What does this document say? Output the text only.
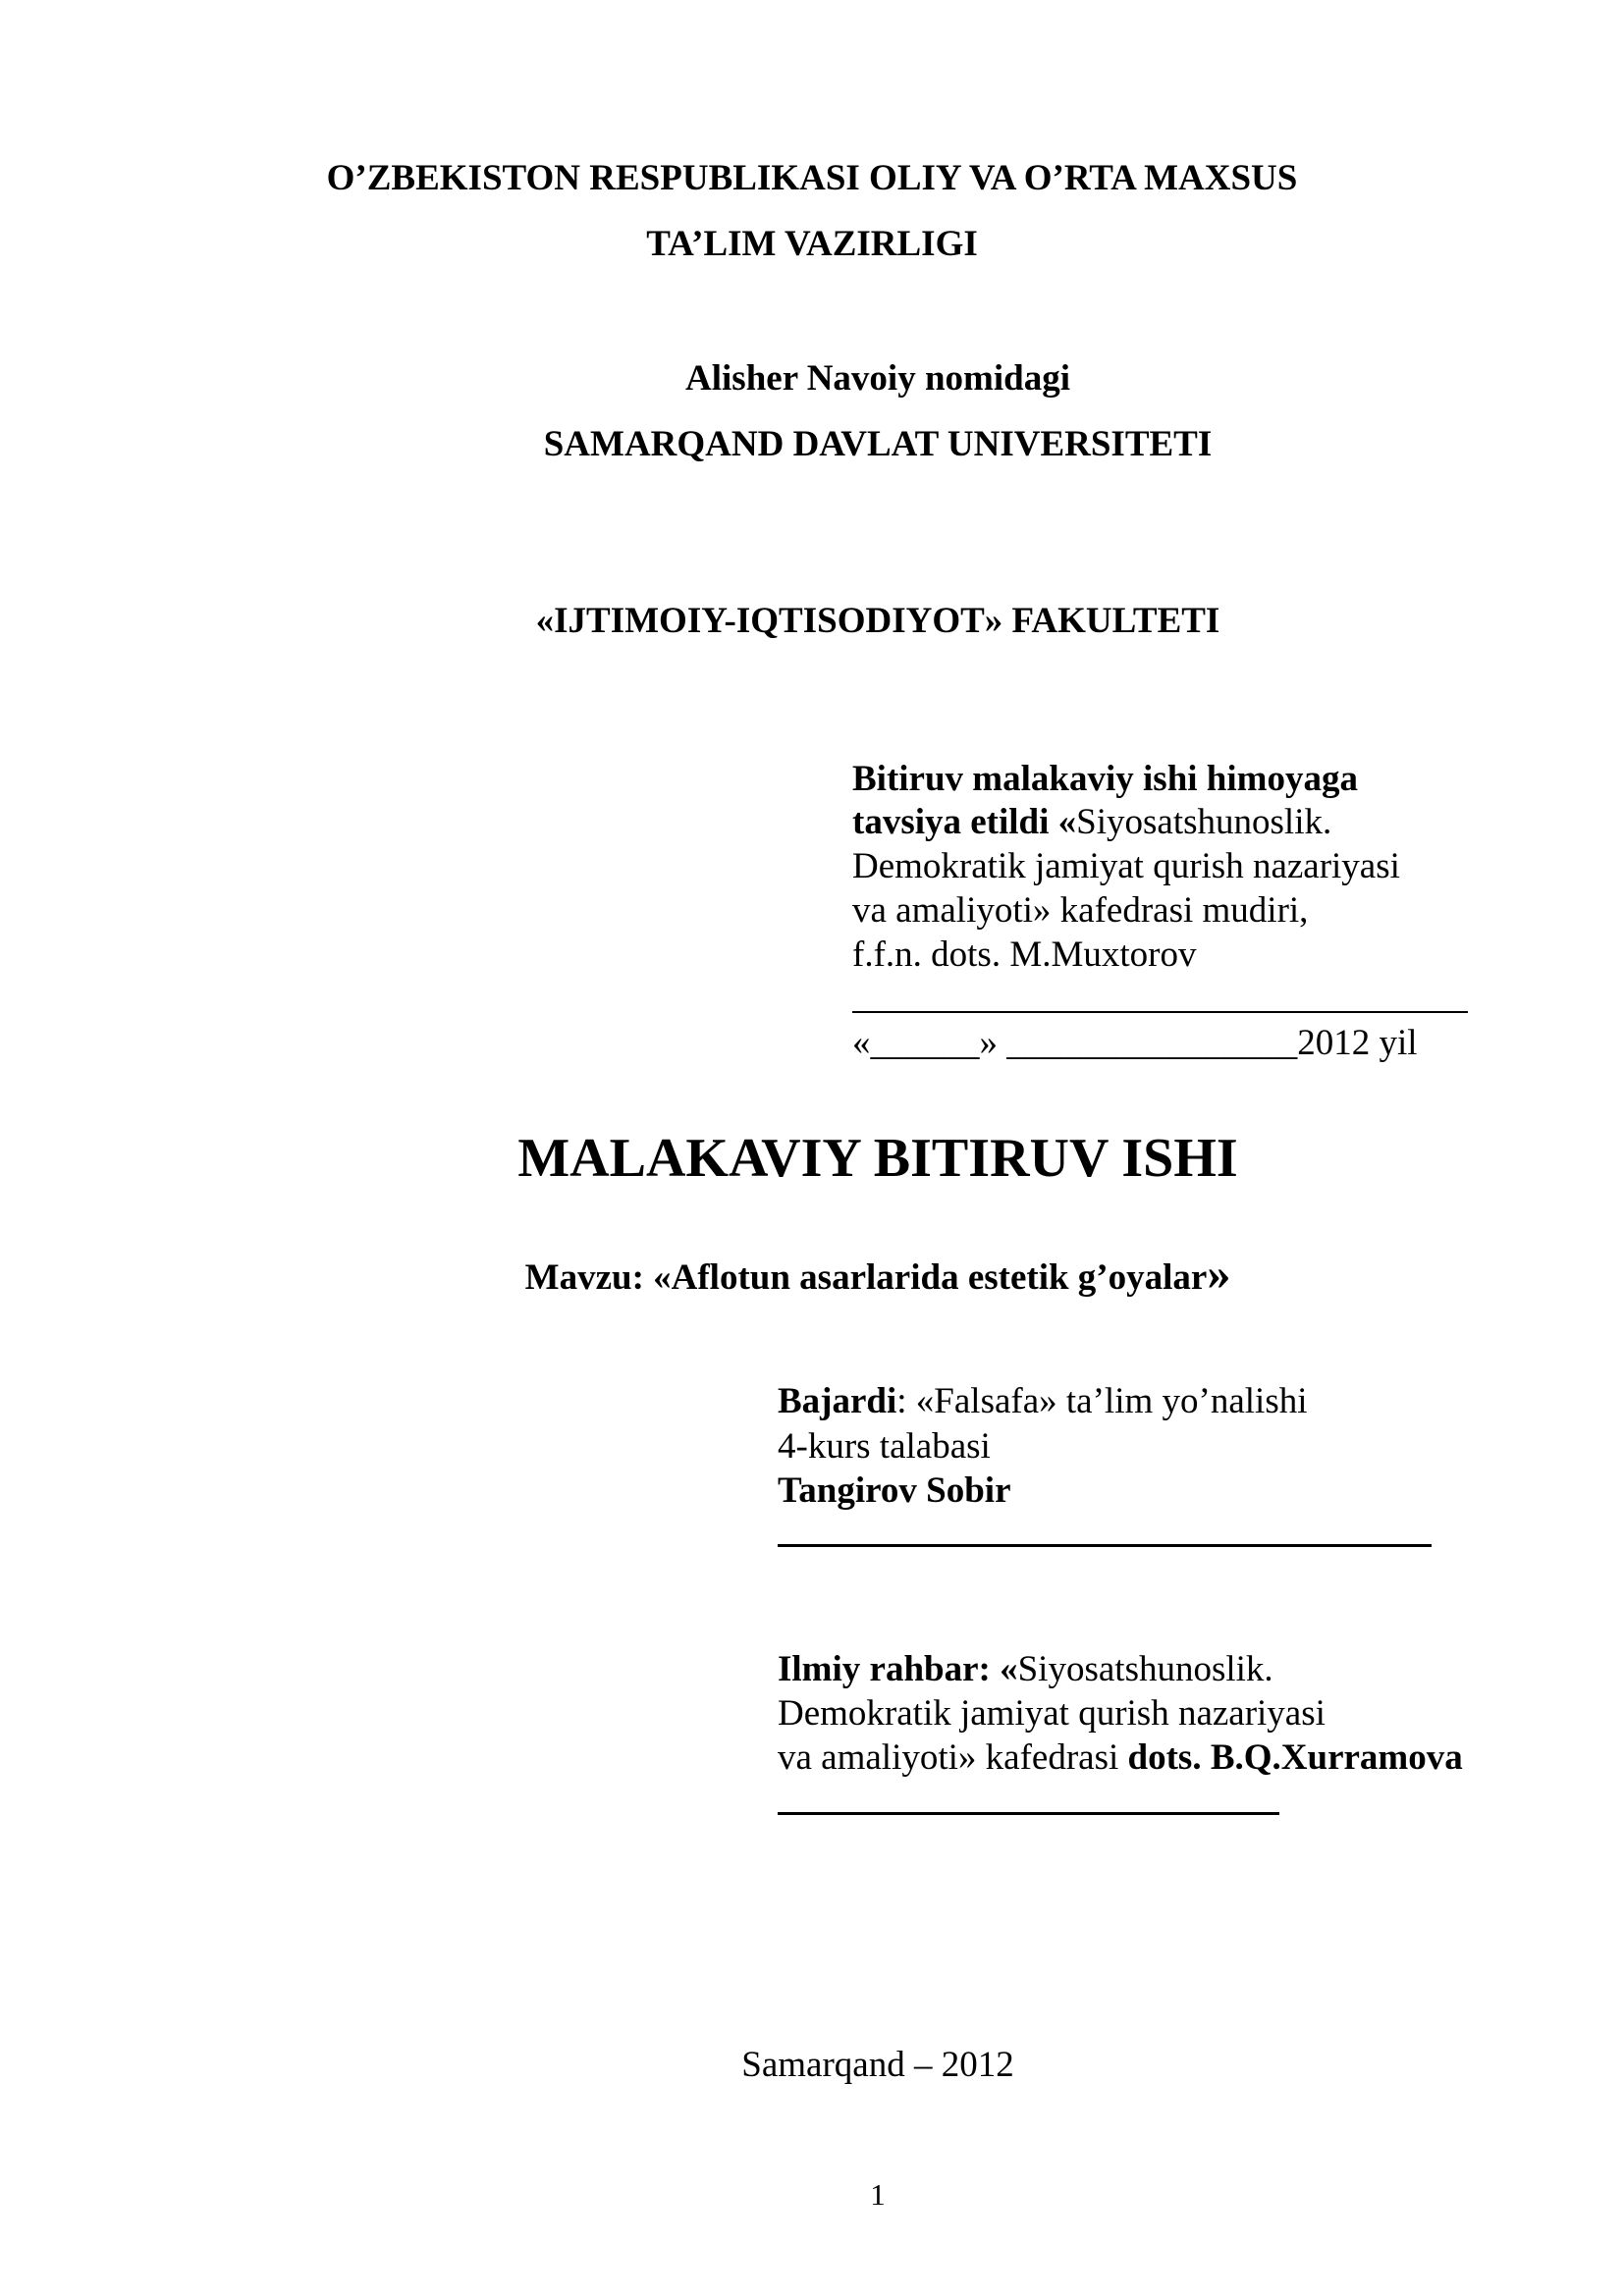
O’ZBEKISTON RESPUBLIKASI OLIY VA O’RTA MAXSUS
TA’LIM VAZIRLIGI
Alisher Navoiy nomidagi
SAMARQAND DAVLAT UNIVERSITETI
«IJTIMOIY-IQTISODIYOT» FAKULTETI
Bitiruv malakaviy ishi himoyaga
tavsiya etildi «Siyosatshunoslik.
Demokratik jamiyat qurish nazariyasi
va amaliyoti» kafedrasi mudiri,
f.f.n. dots. M.Muxtorov
«______» ________________2012 yil
MALAKAVIY BITIRUV ISHI
Mavzu: «Aflotun asarlarida estetik g’oyalar»
Bajardi: «Falsafa» ta’lim yo’nalishi
4-kurs talabasi
Tangirov Sobir
Ilmiy rahbar: «Siyosatshunoslik.
Demokratik jamiyat qurish nazariyasi
va amaliyoti» kafedrasi dots. B.Q.Xurramova
Samarqand – 2012
1
